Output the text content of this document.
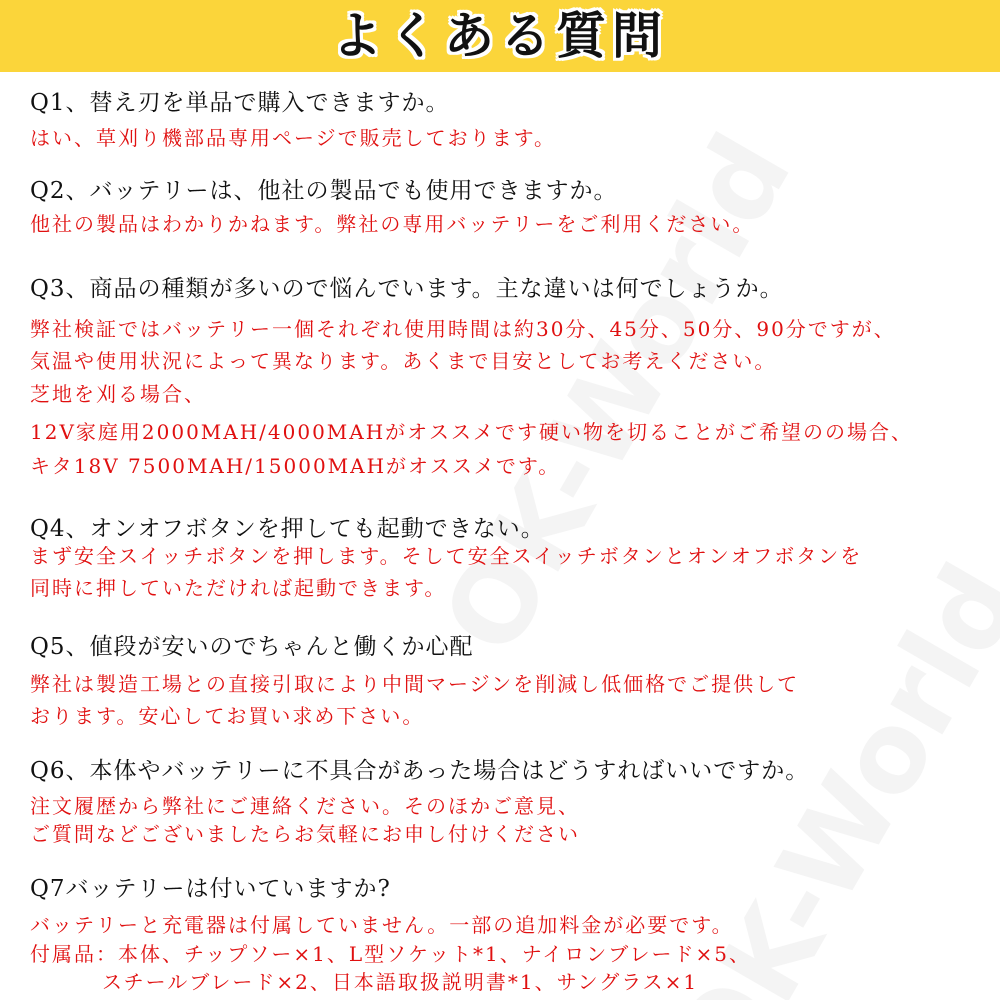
よくある質問
Q1、替え刃を単品で購入できますか。
はい、草刈り機部品専用ページで販売しております。
Q2、バッテリーは、他社の製品でも使用できますか。
他社の製品はわかりかねます。弊社の専用バッテリーをご利用ください。
Q3、商品の種類が多いので悩んでいます。主な違いは何でしょうか。
弊社検証ではバッテリー一個それぞれ使用時間は約30分、45分、50分、90分ですが、
気温や使用状況によって異なります。あくまで目安としてお考えください。
芝地を刈る場合、
12V家庭用2000MAH/4000MAHがオススメです硬い物を切ることがご希望のの場合、
キタ18V 7500MAH/15000MAHがオススメです。
Q4、オンオフボタンを押しても起動できない。
まず安全スイッチボタンを押します。そして安全スイッチボタンとオンオフボタンを
同時に押していただければ起動できます。
Q5、値段が安いのでちゃんと働くか心配
弊社は製造工場との直接引取により中間マージンを削減し低価格でご提供して
おります。安心してお買い求め下さい。
Q6、本体やバッテリーに不具合があった場合はどうすればいいですか。
注文履歴から弊社にご連絡ください。そのほかご意見、
ご質問などございましたらお気軽にお申し付けください
Q7バッテリーは付いていますか?
バッテリーと充電器は付属していません。一部の追加料金が必要です。
付属品：本体、チップソー×1、L型ソケット*1、ナイロンブレード×5、
スチールブレード×2、日本語取扱説明書*1、サングラス×1
